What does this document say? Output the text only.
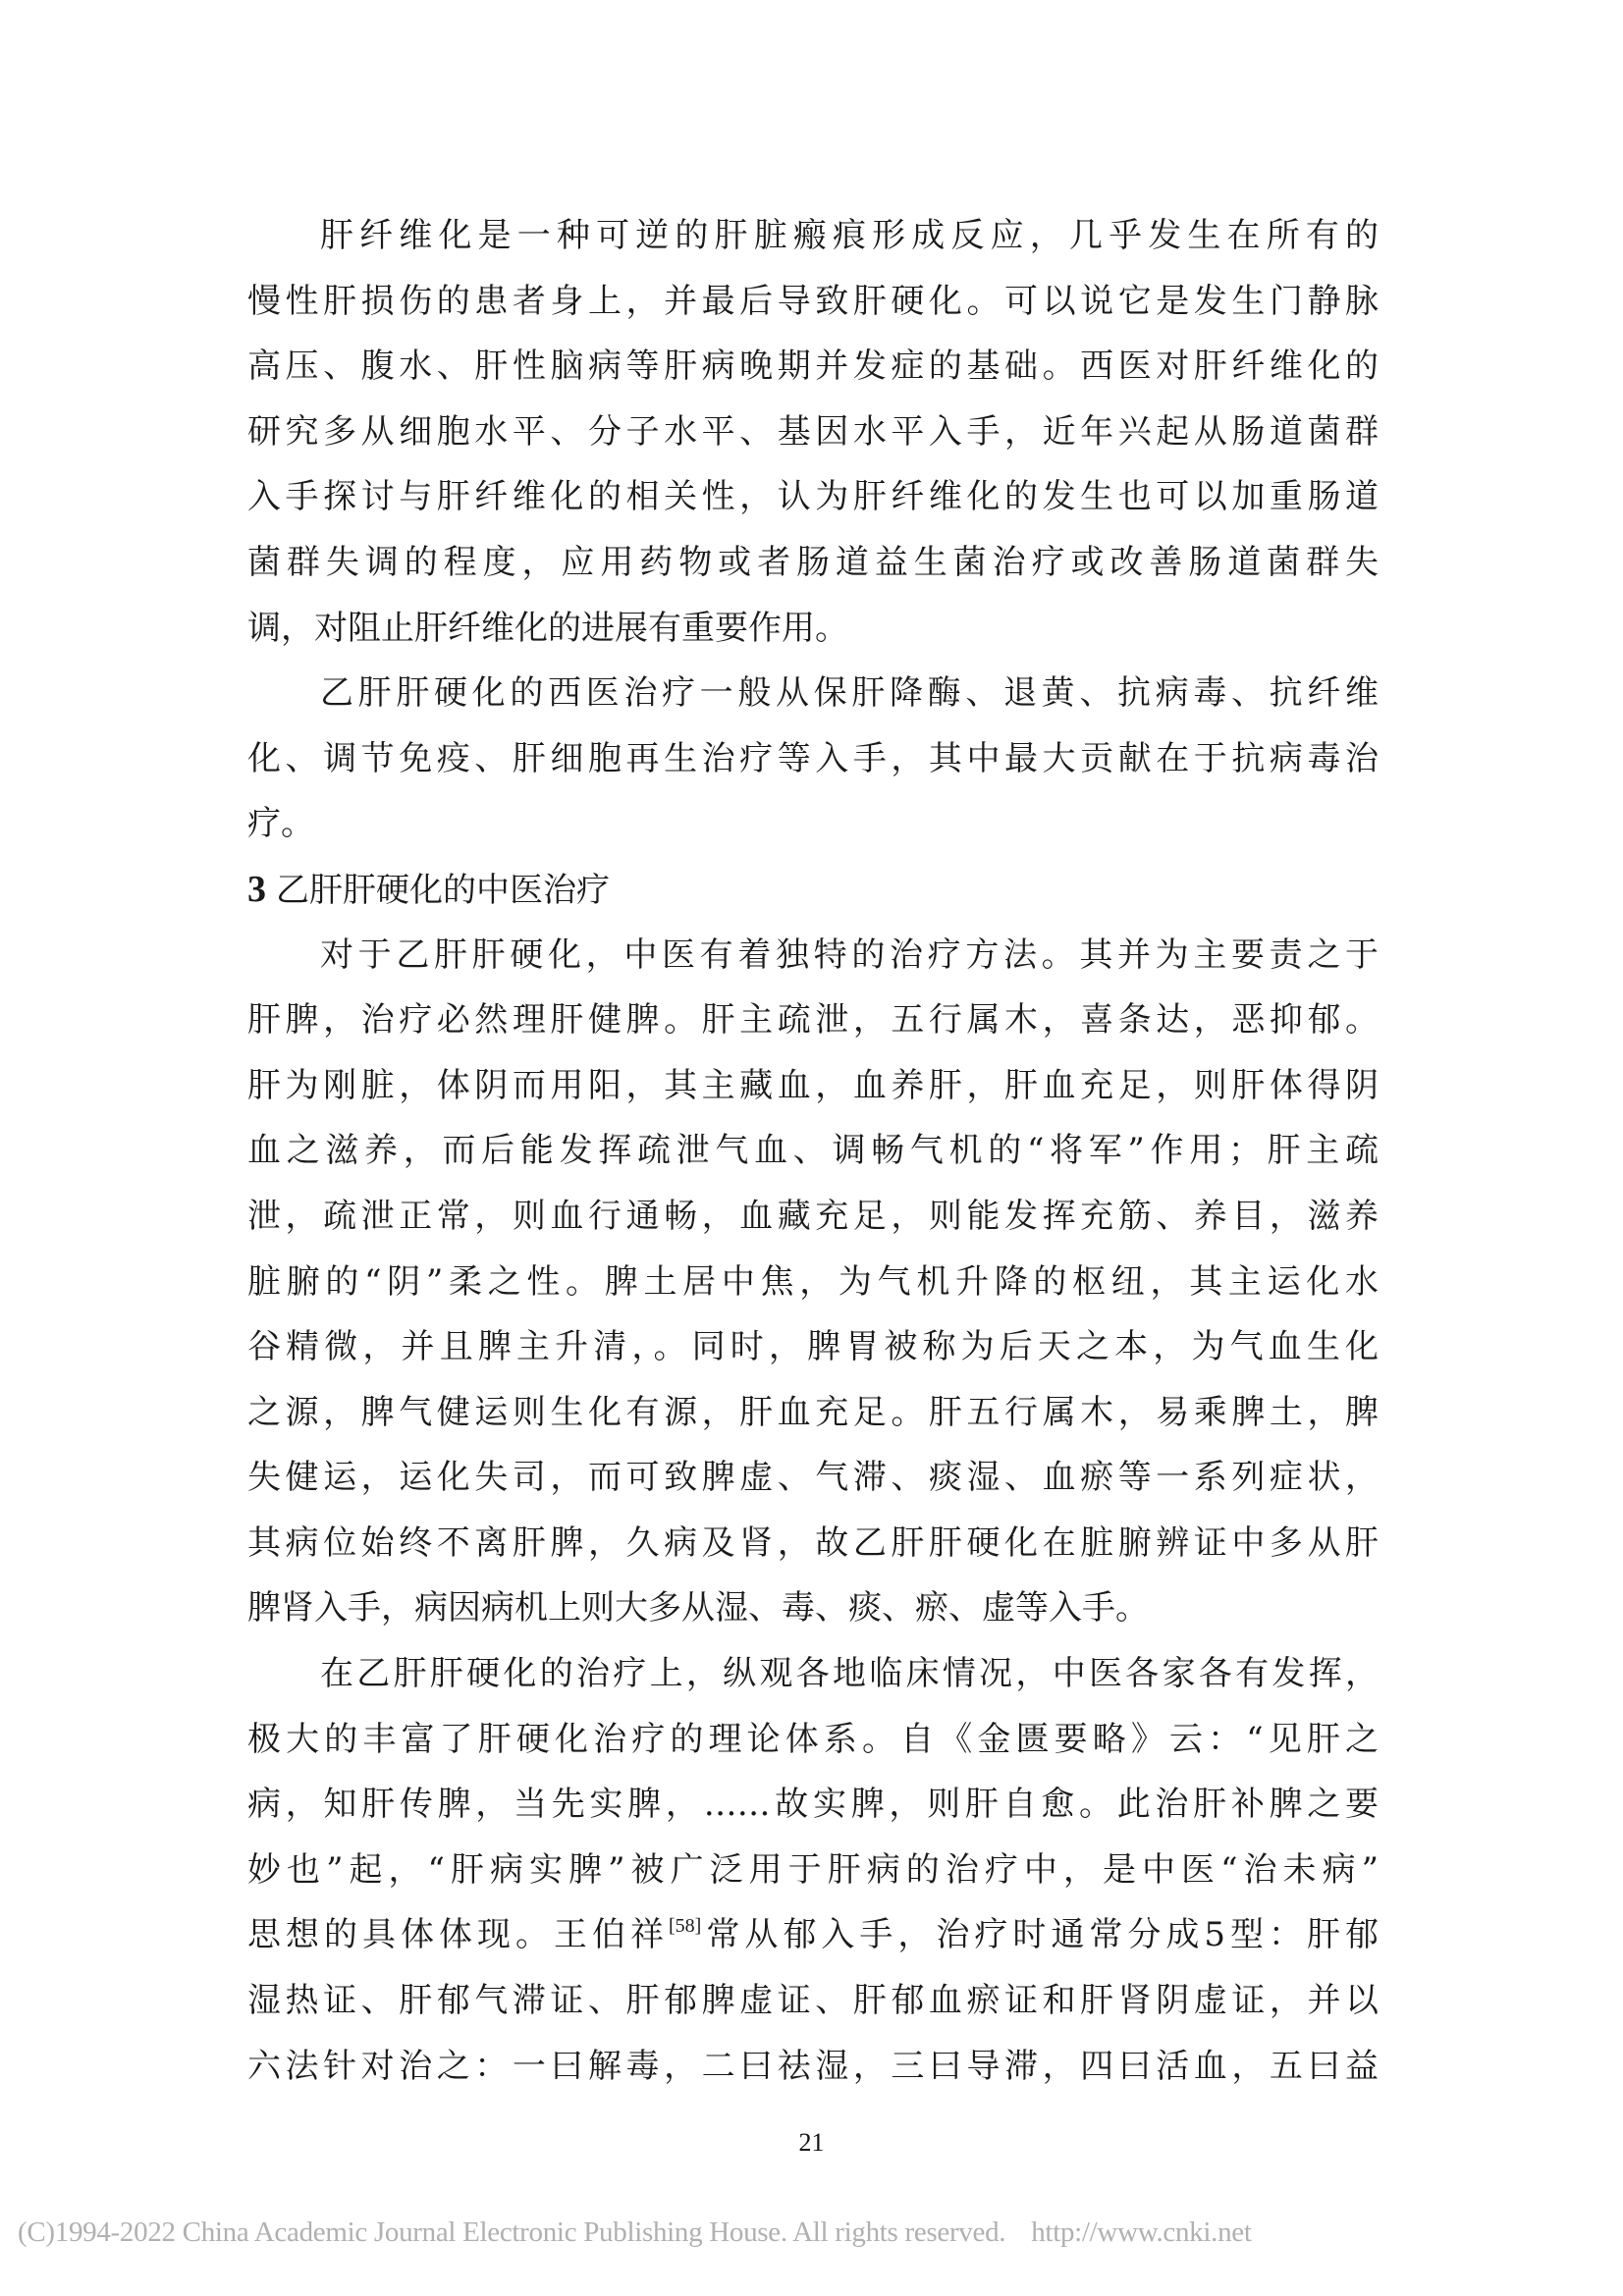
肝纤维化是一种可逆的肝脏瘢痕形成反应，几乎发生在所有的
慢性肝损伤的患者身上，并最后导致肝硬化。可以说它是发生门静脉
高压、腹水、肝性脑病等肝病晚期并发症的基础。西医对肝纤维化的
研究多从细胞水平、分子水平、基因水平入手，近年兴起从肠道菌群
入手探讨与肝纤维化的相关性，认为肝纤维化的发生也可以加重肠道
菌群失调的程度，应用药物或者肠道益生菌治疗或改善肠道菌群失
调，对阻止肝纤维化的进展有重要作用。
乙肝肝硬化的西医治疗一般从保肝降酶、退黄、抗病毒、抗纤维
化、调节免疫、肝细胞再生治疗等入手，其中最大贡献在于抗病毒治
疗。
3 乙肝肝硬化的中医治疗
对于乙肝肝硬化，中医有着独特的治疗方法。其并为主要责之于
肝脾，治疗必然理肝健脾。肝主疏泄，五行属木，喜条达，恶抑郁。
肝为刚脏，体阴而用阳，其主藏血，血养肝，肝血充足，则肝体得阴
血之滋养，而后能发挥疏泄气血、调畅气机的“将军”作用；肝主疏
泄，疏泄正常，则血行通畅，血藏充足，则能发挥充筋、养目，滋养
脏腑的“阴”柔之性。脾土居中焦，为气机升降的枢纽，其主运化水
谷精微，并且脾主升清，。同时，脾胃被称为后天之本，为气血生化
之源，脾气健运则生化有源，肝血充足。肝五行属木，易乘脾土，脾
失健运，运化失司，而可致脾虚、气滞、痰湿、血瘀等一系列症状，
其病位始终不离肝脾，久病及肾，故乙肝肝硬化在脏腑辨证中多从肝
脾肾入手，病因病机上则大多从湿、毒、痰、瘀、虚等入手。
在乙肝肝硬化的治疗上，纵观各地临床情况，中医各家各有发挥，
极大的丰富了肝硬化治疗的理论体系。自《金匮要略》云：“见肝之
病，知肝传脾，当先实脾，……故实脾，则肝自愈。此治肝补脾之要
妙也”起，“肝病实脾”被广泛用于肝病的治疗中，是中医“治未病”
思想的具体体现。王伯祥[58]常从郁入手，治疗时通常分成5型：肝郁
湿热证、肝郁气滞证、肝郁脾虚证、肝郁血瘀证和肝肾阴虚证，并以
六法针对治之：一曰解毒，二曰祛湿，三曰导滞，四曰活血，五曰益
21
(C)1994-2022 China Academic Journal Electronic Publishing House. All rights reserved. http://www.cnki.net
